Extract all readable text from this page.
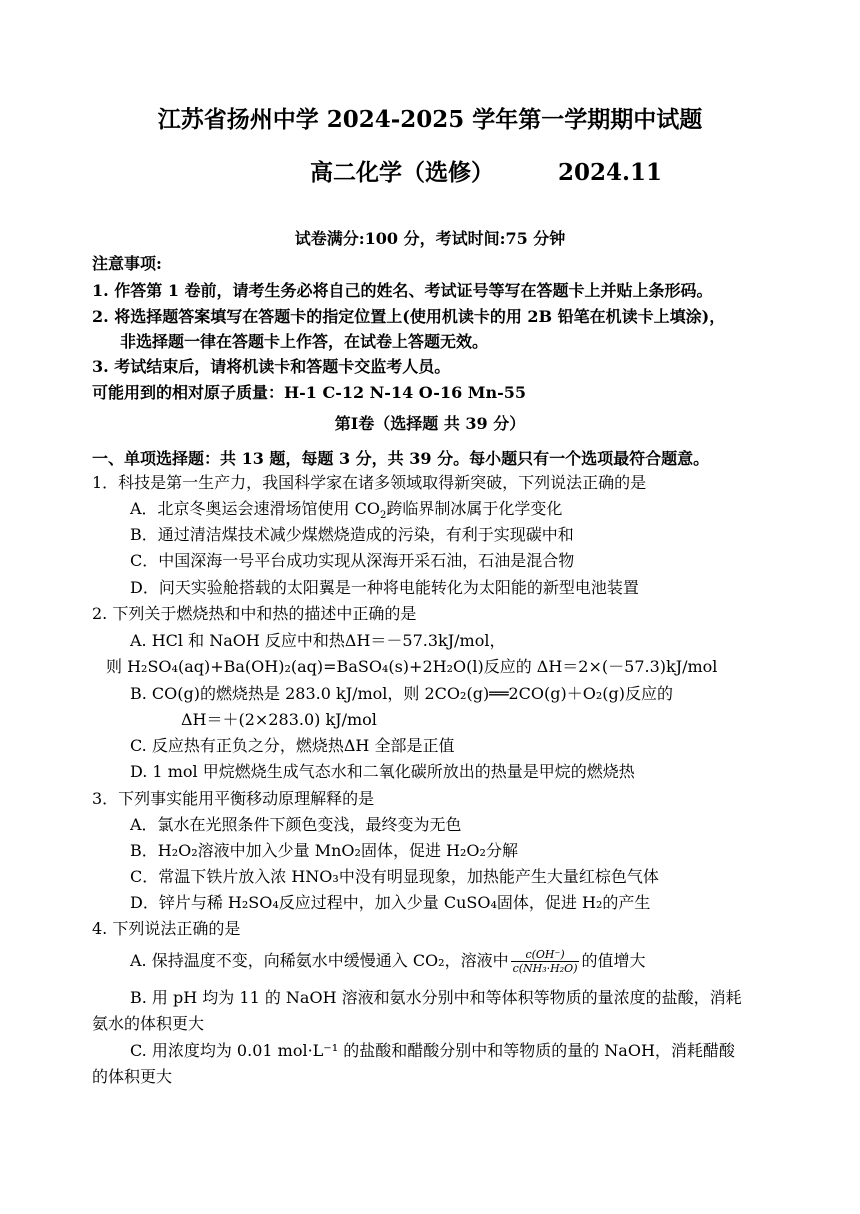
江苏省扬州中学 2024-2025 学年第一学期期中试题
高二化学（选修）	2024.11
试卷满分:100 分，考试时间:75 分钟
注意事项:
1. 作答第 1 卷前，请考生务必将自己的姓名、考试证号等写在答题卡上并贴上条形码。
2. 将选择题答案填写在答题卡的指定位置上(使用机读卡的用 2B 铅笔在机读卡上填涂)，
非选择题一律在答题卡上作答，在试卷上答题无效。
3. 考试结束后，请将机读卡和答题卡交监考人员。
可能用到的相对原子质量：H-1 C-12 N-14 O-16 Mn-55
第Ⅰ卷（选择题 共 39 分）
一、单项选择题：共 13 题，每题 3 分，共 39 分。每小题只有一个选项最符合题意。
1．科技是第一生产力，我国科学家在诸多领域取得新突破，下列说法正确的是
A．北京冬奥运会速滑场馆使用 $CO_2$跨临界制冰属于化学变化
B．通过清洁煤技术减少煤燃烧造成的污染，有利于实现碳中和
C．中国深海一号平台成功实现从深海开采石油，石油是混合物
D．问天实验舱搭载的太阳翼是一种将电能转化为太阳能的新型电池装置
2. 下列关于燃烧热和中和热的描述中正确的是
A. HCl 和 NaOH 反应中和热ΔH＝－57.3kJ/mol，
则 H₂SO₄(aq)+Ba(OH)₂(aq)=BaSO₄(s)+2H₂O(l)反应的 ΔH＝2×(－57.3)kJ/mol
B. CO(g)的燃烧热是 283.0 kJ/mol，则 2CO₂(g)══2CO(g)＋O₂(g)反应的
ΔH＝＋(2×283.0) kJ/mol
C. 反应热有正负之分，燃烧热ΔH 全部是正值
D. 1 mol 甲烷燃烧生成气态水和二氧化碳所放出的热量是甲烷的燃烧热
3．下列事实能用平衡移动原理解释的是
A．氯水在光照条件下颜色变浅，最终变为无色
B．H₂O₂溶液中加入少量 MnO₂固体，促进 H₂O₂分解
C．常温下铁片放入浓 HNO₃中没有明显现象，加热能产生大量红棕色气体
D．锌片与稀 H₂SO₄反应过程中，加入少量 CuSO₄固体，促进 H₂的产生
4. 下列说法正确的是
A. 保持温度不变，向稀氨水中缓慢通入 CO₂，溶液中 $\frac{c(OH^-)}{\text{c(NH₃·H₂O)}}$ 的值增大
B. 用 pH 均为 11 的 NaOH 溶液和氨水分别中和等体积等物质的量浓度的盐酸，消耗
氨水的体积更大
C. 用浓度均为 0.01 mol·L⁻¹ 的盐酸和醋酸分别中和等物质的量的 NaOH，消耗醋酸
的体积更大
